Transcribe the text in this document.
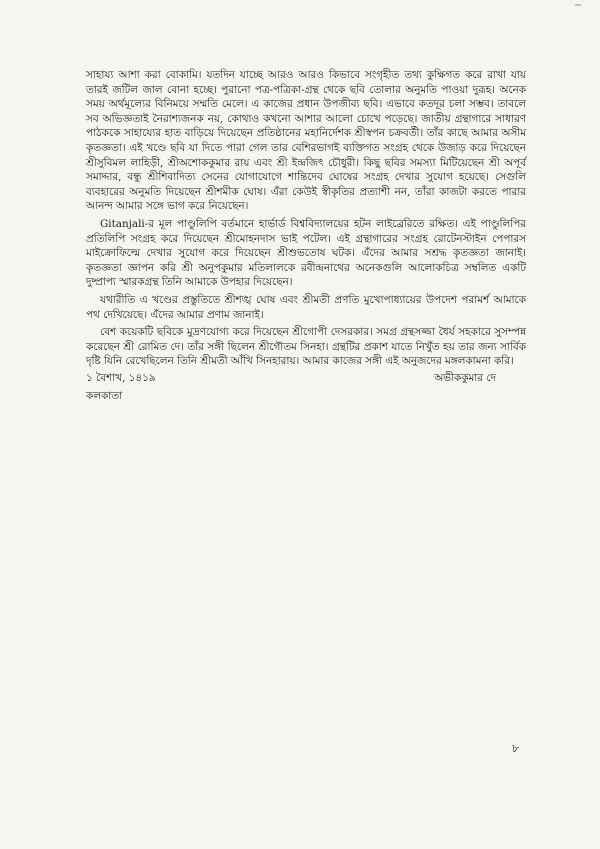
সাহায্য আশা করা বোকামি। যতদিন যাচ্ছে আরও আরও কিভাবে সংগৃহীত তথ্য কুক্ষিগত করে রাখা যায় তারই জটিল জাল বোনা হচ্ছে। পুরানো পত্র-পত্রিকা-গ্রন্থ থেকে ছবি তোলার অনুমতি পাওয়া দুরূহ। অনেক সময় অর্থমূল্যের বিনিময়ে সম্মতি মেলে। এ কাজের প্রধান উপজীব্য ছবি। এভাবে কতদূর চলা সম্ভব। তাবলে সব অভিজ্ঞতাই নৈরাশ্যজনক নয়, কোথাও কখনো আশার আলো চোখে পড়েছে। জাতীয় গ্রন্থাগারে সাধারণ পাঠককে সাহায্যের হাত বাড়িয়ে দিয়েছেন প্রতিষ্ঠানের মহানির্দেশক শ্রীস্বপন চক্রবর্তী। তাঁর কাছে আমার অসীম কৃতজ্ঞতা। এই খণ্ডে ছবি যা দিতে পারা গেল তার বেশিরভাগই ব্যক্তিগত সংগ্রহ থেকে উজাড় করে দিয়েছেন শ্রীসুবিমল লাহিড়ী, শ্রীঅশোককুমার রায় এবং শ্রী ইন্দ্রজিৎ চৌধুরী। কিছু ছবির সমস্যা মিটিয়েছেন শ্রী অপূর্ব সমাদ্দার, বন্ধু শ্রীশিবাদিত্য সেনের যোগাযোগে শান্তিদেব ঘোষের সংগ্রহ দেখার সুযোগ হয়েছে। সেগুলি ব্যবহারের অনুমতি দিয়েছেন শ্রীশমীক ঘোষ। এঁরা কেউই স্বীকৃতির প্রত্যাশী নন, তাঁরা কাজটা করতে পারার আনন্দ আমার সঙ্গে ভাগ করে নিয়েছেন।

Gitanjali-র মূল পাণ্ডুলিপি বর্তমানে হার্ভার্ড বিশ্ববিদ্যালয়ের হটন লাইব্রেরিতে রক্ষিত। এই পাণ্ডুলিপির প্রতিলিপি সংগ্রহ করে দিয়েছেন শ্রীমোহনদাস ভাই পটেল। এই গ্রন্থাগারের সংগ্রহ রোটেনস্টাইন পেপারস মাইক্রোফিল্মে দেখার সুযোগ করে দিয়েছেন শ্রীশুভতোষ ঘটক। এঁদের আমার সশ্রদ্ধ কৃতজ্ঞতা জানাই। কৃতজ্ঞতা জ্ঞাপন করি শ্রী অনুপকুমার মতিলালকে রবীন্দ্রনাথের অনেকগুলি আলোকচিত্র সম্বলিত একটি দুষ্প্রাপ্য স্মারকগ্রন্থ তিনি আমাকে উপহার দিয়েছেন।

যথারীতি এ খণ্ডের প্রস্তুতিতে শ্রীশঙ্খ ঘোষ এবং শ্রীমতী প্রণতি মুখোপাধ্যায়ের উপদেশ পরামর্শ আমাকে পথ দেখিয়েছে। এঁদের আমার প্রণাম জানাই।

বেশ কয়েকটি ছবিকে মুদ্রণযোগ্য করে দিয়েছেন শ্রীগোপী দেসরকার। সমগ্র গ্রন্থসজ্জা ধৈর্য সহকারে সুসম্পন্ন করেছেন শ্রী রোমিত দে। তাঁর সঙ্গী ছিলেন শ্রীগৌতম সিনহা। গ্রন্থটির প্রকাশ যাতে নিখুঁত হয় তার জন্য সার্বিক দৃষ্টি যিনি রেখেছিলেন তিনি শ্রীমতী আঁখি সিনহারায়। আমার কাজের সঙ্গী এই অনুজদের মঙ্গলকামনা করি।

১ বৈশাখ, ১৪১৯
কলকাতা
অভীককুমার দে
৮
